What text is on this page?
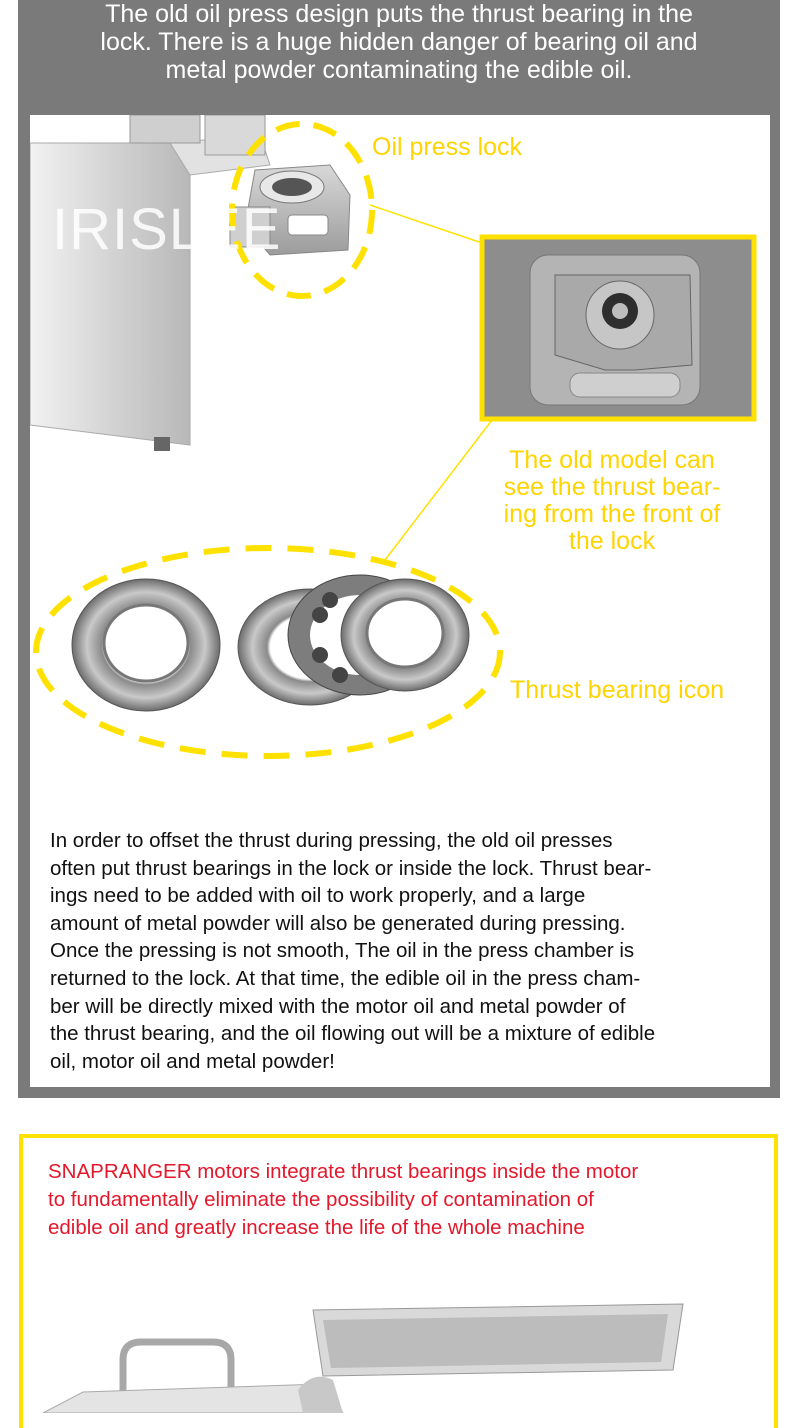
The old oil press design puts the thrust bearing in the
lock. There is a huge hidden danger of bearing oil and
metal powder contaminating the edible oil.
IRISLEE
Oil press lock
The old model can
see the thrust bear-
ing from the front of
the lock
Thrust bearing icon
In order to offset the thrust during pressing, the old oil presses
often put thrust bearings in the lock or inside the lock. Thrust bear-
ings need to be added with oil to work properly, and a large
amount of metal powder will also be generated during pressing.
Once the pressing is not smooth, The oil in the press chamber is
returned to the lock. At that time, the edible oil in the press cham-
ber will be directly mixed with the motor oil and metal powder of
the thrust bearing, and the oil flowing out will be a mixture of edible
oil, motor oil and metal powder!
SNAPRANGER motors integrate thrust bearings inside the motor
to fundamentally eliminate the possibility of contamination of
edible oil and greatly increase the life of the whole machine
